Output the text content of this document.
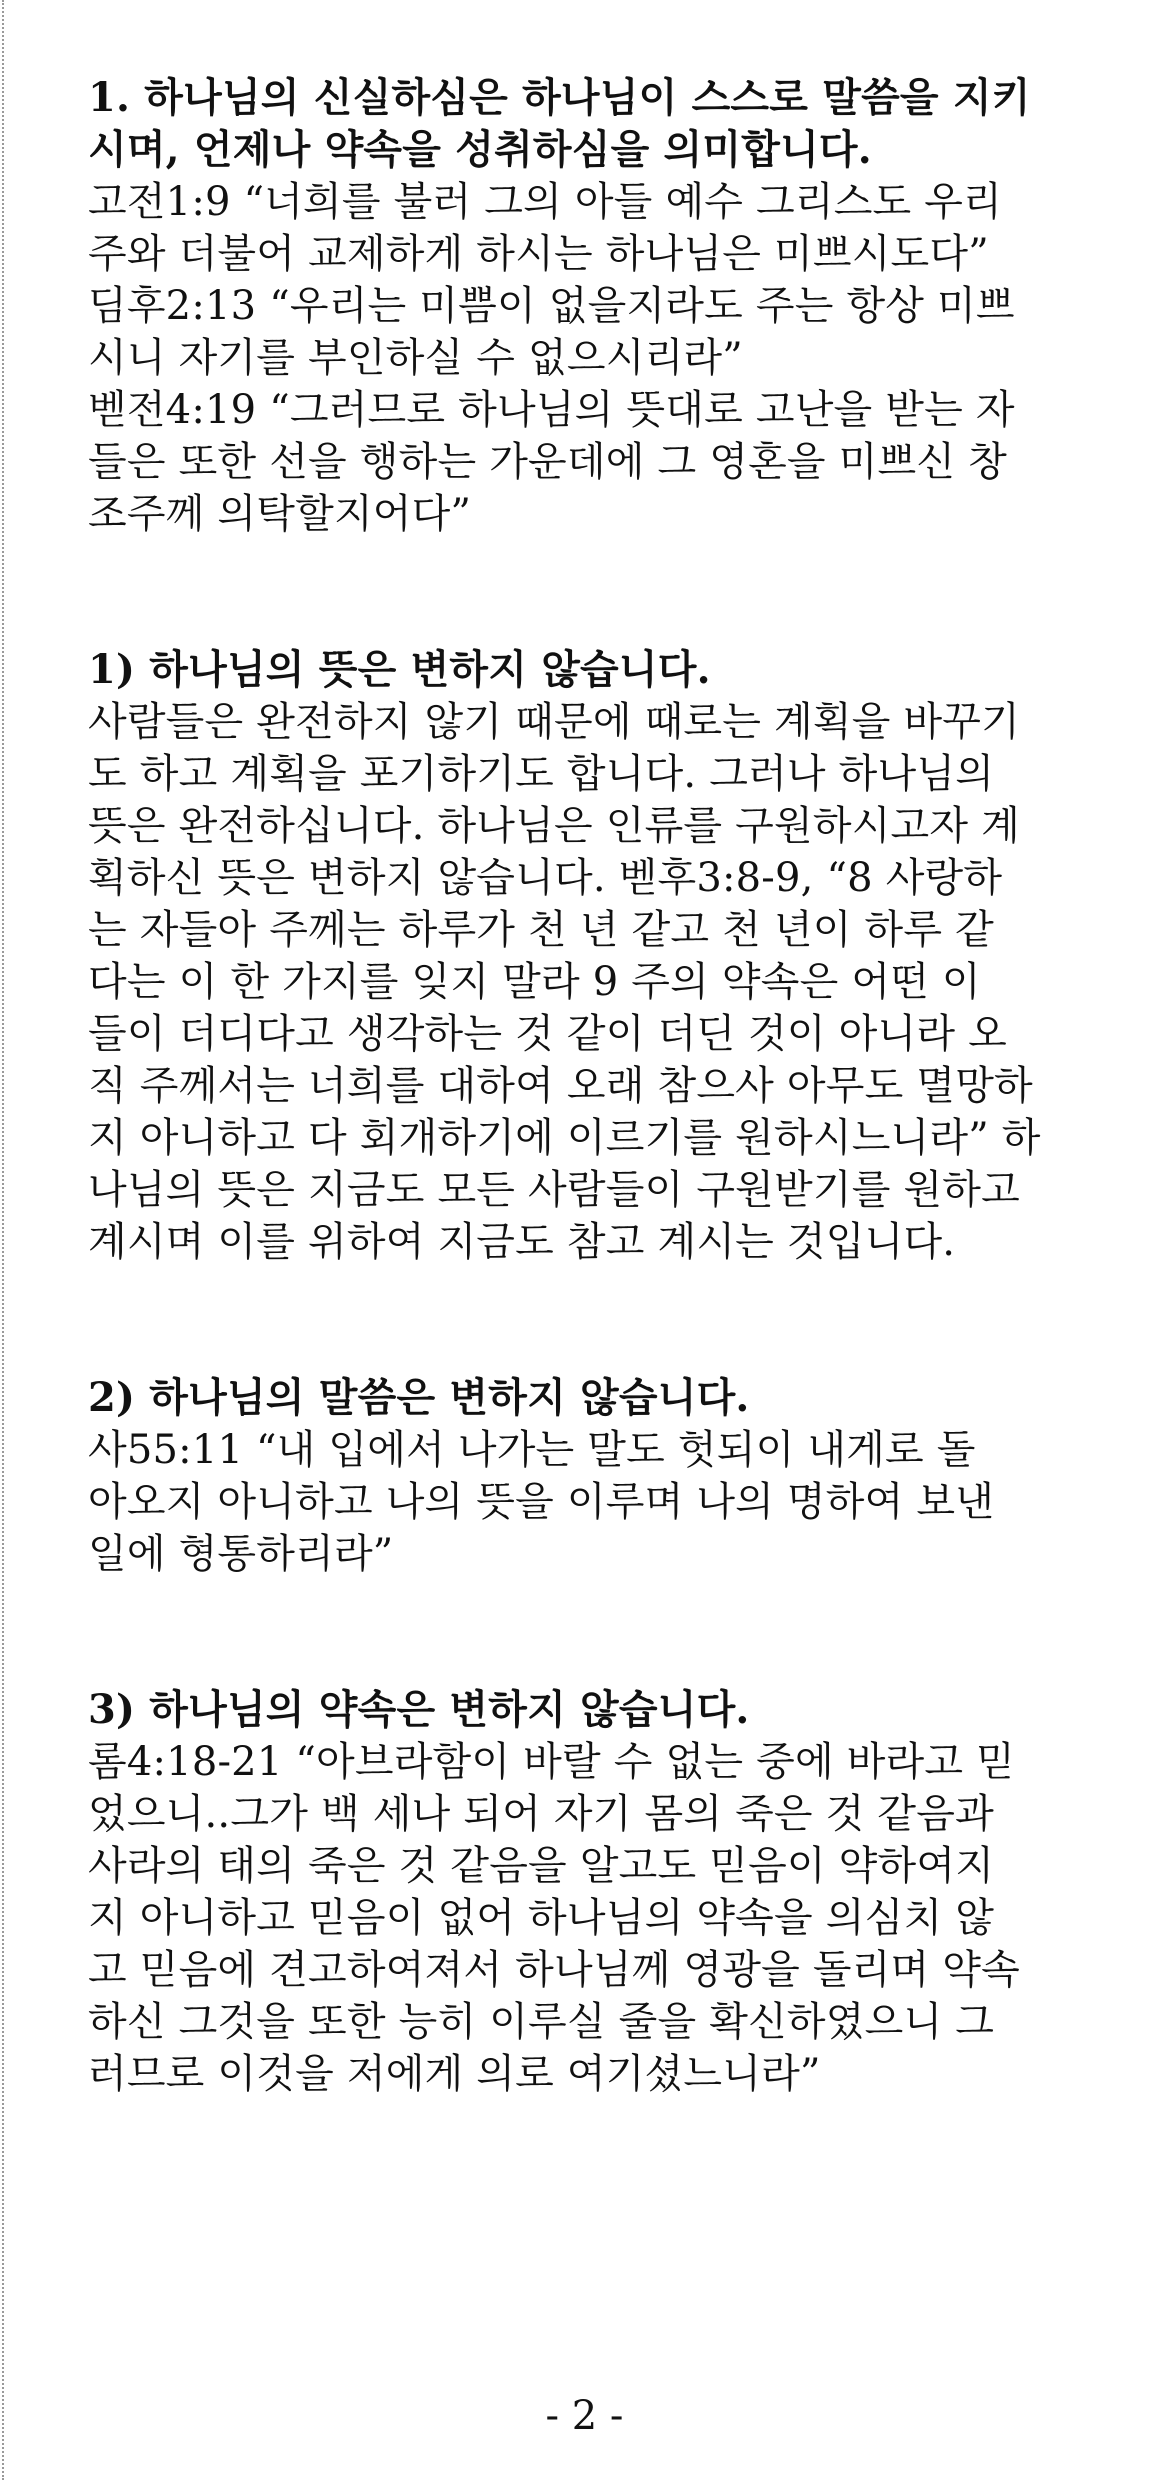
1. 하나님의 신실하심은 하나님이 스스로 말씀을 지키
시며, 언제나 약속을 성취하심을 의미합니다.
고전1:9 “너희를 불러 그의 아들 예수 그리스도 우리
주와 더불어 교제하게 하시는 하나님은 미쁘시도다”
딤후2:13 “우리는 미쁨이 없을지라도 주는 항상 미쁘
시니 자기를 부인하실 수 없으시리라”
벧전4:19 “그러므로 하나님의 뜻대로 고난을 받는 자
들은 또한 선을 행하는 가운데에 그 영혼을 미쁘신 창
조주께 의탁할지어다”
1) 하나님의 뜻은 변하지 않습니다.
사람들은 완전하지 않기 때문에 때로는 계획을 바꾸기
도 하고 계획을 포기하기도 합니다. 그러나 하나님의
뜻은 완전하십니다. 하나님은 인류를 구원하시고자 계
획하신 뜻은 변하지 않습니다. 벧후3:8-9, “8 사랑하
는 자들아 주께는 하루가 천 년 같고 천 년이 하루 같
다는 이 한 가지를 잊지 말라 9 주의 약속은 어떤 이
들이 더디다고 생각하는 것 같이 더딘 것이 아니라 오
직 주께서는 너희를 대하여 오래 참으사 아무도 멸망하
지 아니하고 다 회개하기에 이르기를 원하시느니라” 하
나님의 뜻은 지금도 모든 사람들이 구원받기를 원하고
계시며 이를 위하여 지금도 참고 계시는 것입니다.
2) 하나님의 말씀은 변하지 않습니다.
사55:11 “내 입에서 나가는 말도 헛되이 내게로 돌
아오지 아니하고 나의 뜻을 이루며 나의 명하여 보낸
일에 형통하리라”
3) 하나님의 약속은 변하지 않습니다.
롬4:18-21 “아브라함이 바랄 수 없는 중에 바라고 믿
었으니..그가 백 세나 되어 자기 몸의 죽은 것 같음과
사라의 태의 죽은 것 같음을 알고도 믿음이 약하여지
지 아니하고 믿음이 없어 하나님의 약속을 의심치 않
고 믿음에 견고하여져서 하나님께 영광을 돌리며 약속
하신 그것을 또한 능히 이루실 줄을 확신하였으니 그
러므로 이것을 저에게 의로 여기셨느니라”
- 2 -
